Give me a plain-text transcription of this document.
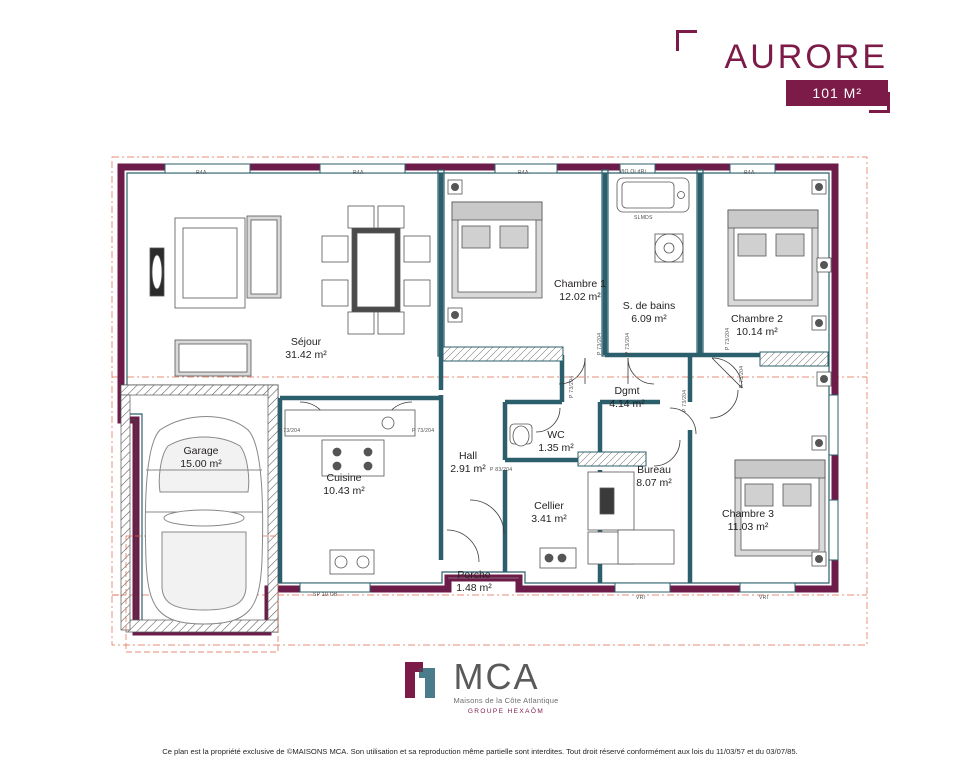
AURORE
101 M²
Séjour
31.42 m²
Chambre 1
12.02 m²
S. de bains
6.09 m²	Chambre 2
10.14 m²
Dgmt
4.14 m²
WC
1.35 m²
Garage
15.00 m²
Cuisine
10.43 m²
Hall
2.91 m²	Bureau
8.07 m²
Cellier
3.41 m²	Chambre 3
11.03 m²
Porche
1.48 m²
R4A	R4A	R4A	i8O Oi dRi	R4A
P 73/204	P 73/204
P 83/204
SP 10 OB	VRI	VRI
P 73/204	P 73/204
P 73/204
P 73/204
P 73/204
P 73/204
SLMDS
MCA
Maisons de la Côte Atlantique
GROUPE HEXAÔM
Ce plan est la propriété exclusive de ©MAISONS MCA. Son utilisation et sa reproduction même partielle sont interdites. Tout droit réservé conformément aux lois du 11/03/57 et du 03/07/85.
